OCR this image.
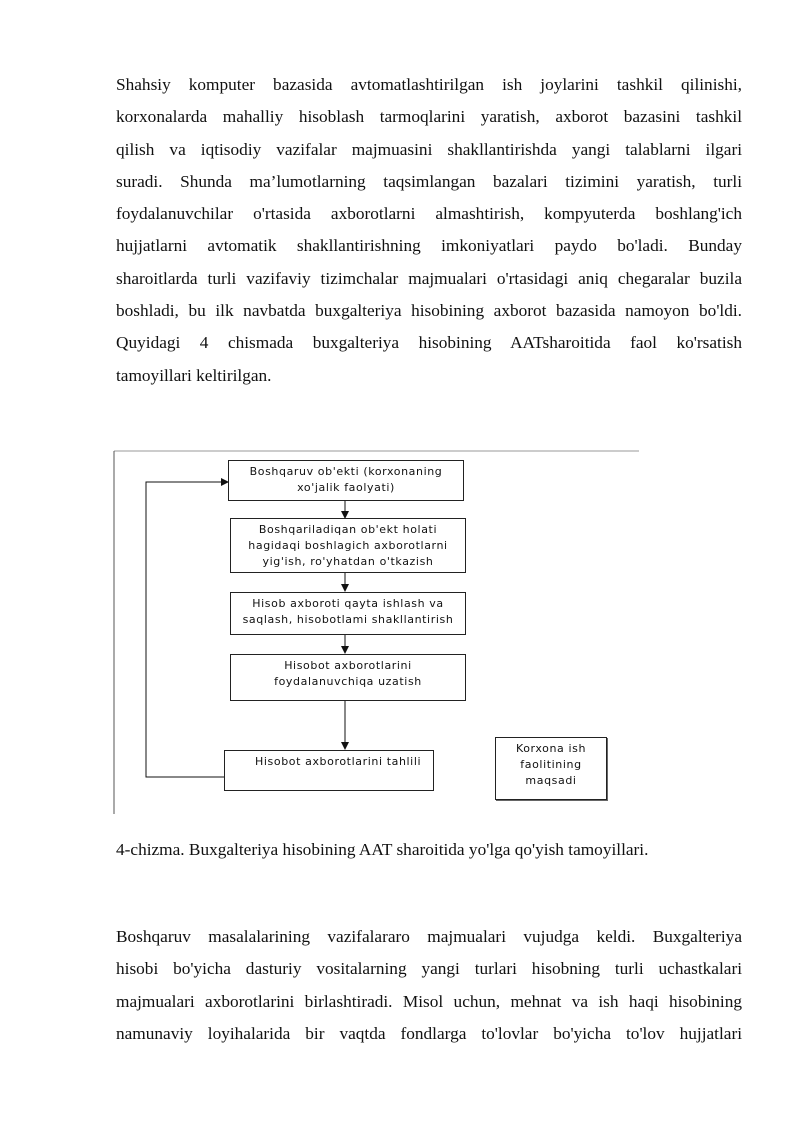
Shahsiy komputer bazasida avtomatlashtirilgan ish joylarini tashkil qilinishi,
korxonalarda mahalliy hisoblash tarmoqlarini yaratish, axborot bazasini tashkil
qilish va iqtisodiy vazifalar majmuasini shakllantirishda yangi talablarni ilgari
suradi. Shunda ma’lumotlarning taqsimlangan bazalari tizimini yaratish, turli
foydalanuvchilar o'rtasida axborotlarni almashtirish, kompyuterda boshlang'ich
hujjatlarni avtomatik shakllantirishning imkoniyatlari paydo bo'ladi. Bunday
sharoitlarda turli vazifaviy tizimchalar majmualari o'rtasidagi aniq chegaralar buzila
boshladi, bu ilk navbatda buxgalteriya hisobining axborot bazasida namoyon bo'ldi.
Quyidagi 4 chismada buxgalteriya hisobining AATsharoitida faol ko'rsatish
tamoyillari keltirilgan.
Boshqaruv ob'ekti (korxonaning
xo'jalik faolyati)
Boshqariladiqan ob'ekt holati
hagidaqi boshlagich axborotlarni
yig'ish, ro'yhatdan o'tkazish
Hisob axboroti qayta ishlash va
saqlash, hisobotlami shakllantirish
Hisobot axborotlarini
foydalanuvchiqa uzatish
Hisobot axborotlarini tahlili
Korxona ish
faolitining
maqsadi

4-chizma. Buxgalteriya hisobining AAT sharoitida yo'lga qo'yish tamoyillari.

Boshqaruv masalalarining vazifalararo majmualari vujudga keldi. Buxgalteriya
hisobi bo'yicha dasturiy vositalarning yangi turlari hisobning turli uchastkalari
majmualari axborotlarini birlashtiradi. Misol uchun, mehnat va ish haqi hisobining
namunaviy loyihalarida bir vaqtda fondlarga to'lovlar bo'yicha to'lov hujjatlari
